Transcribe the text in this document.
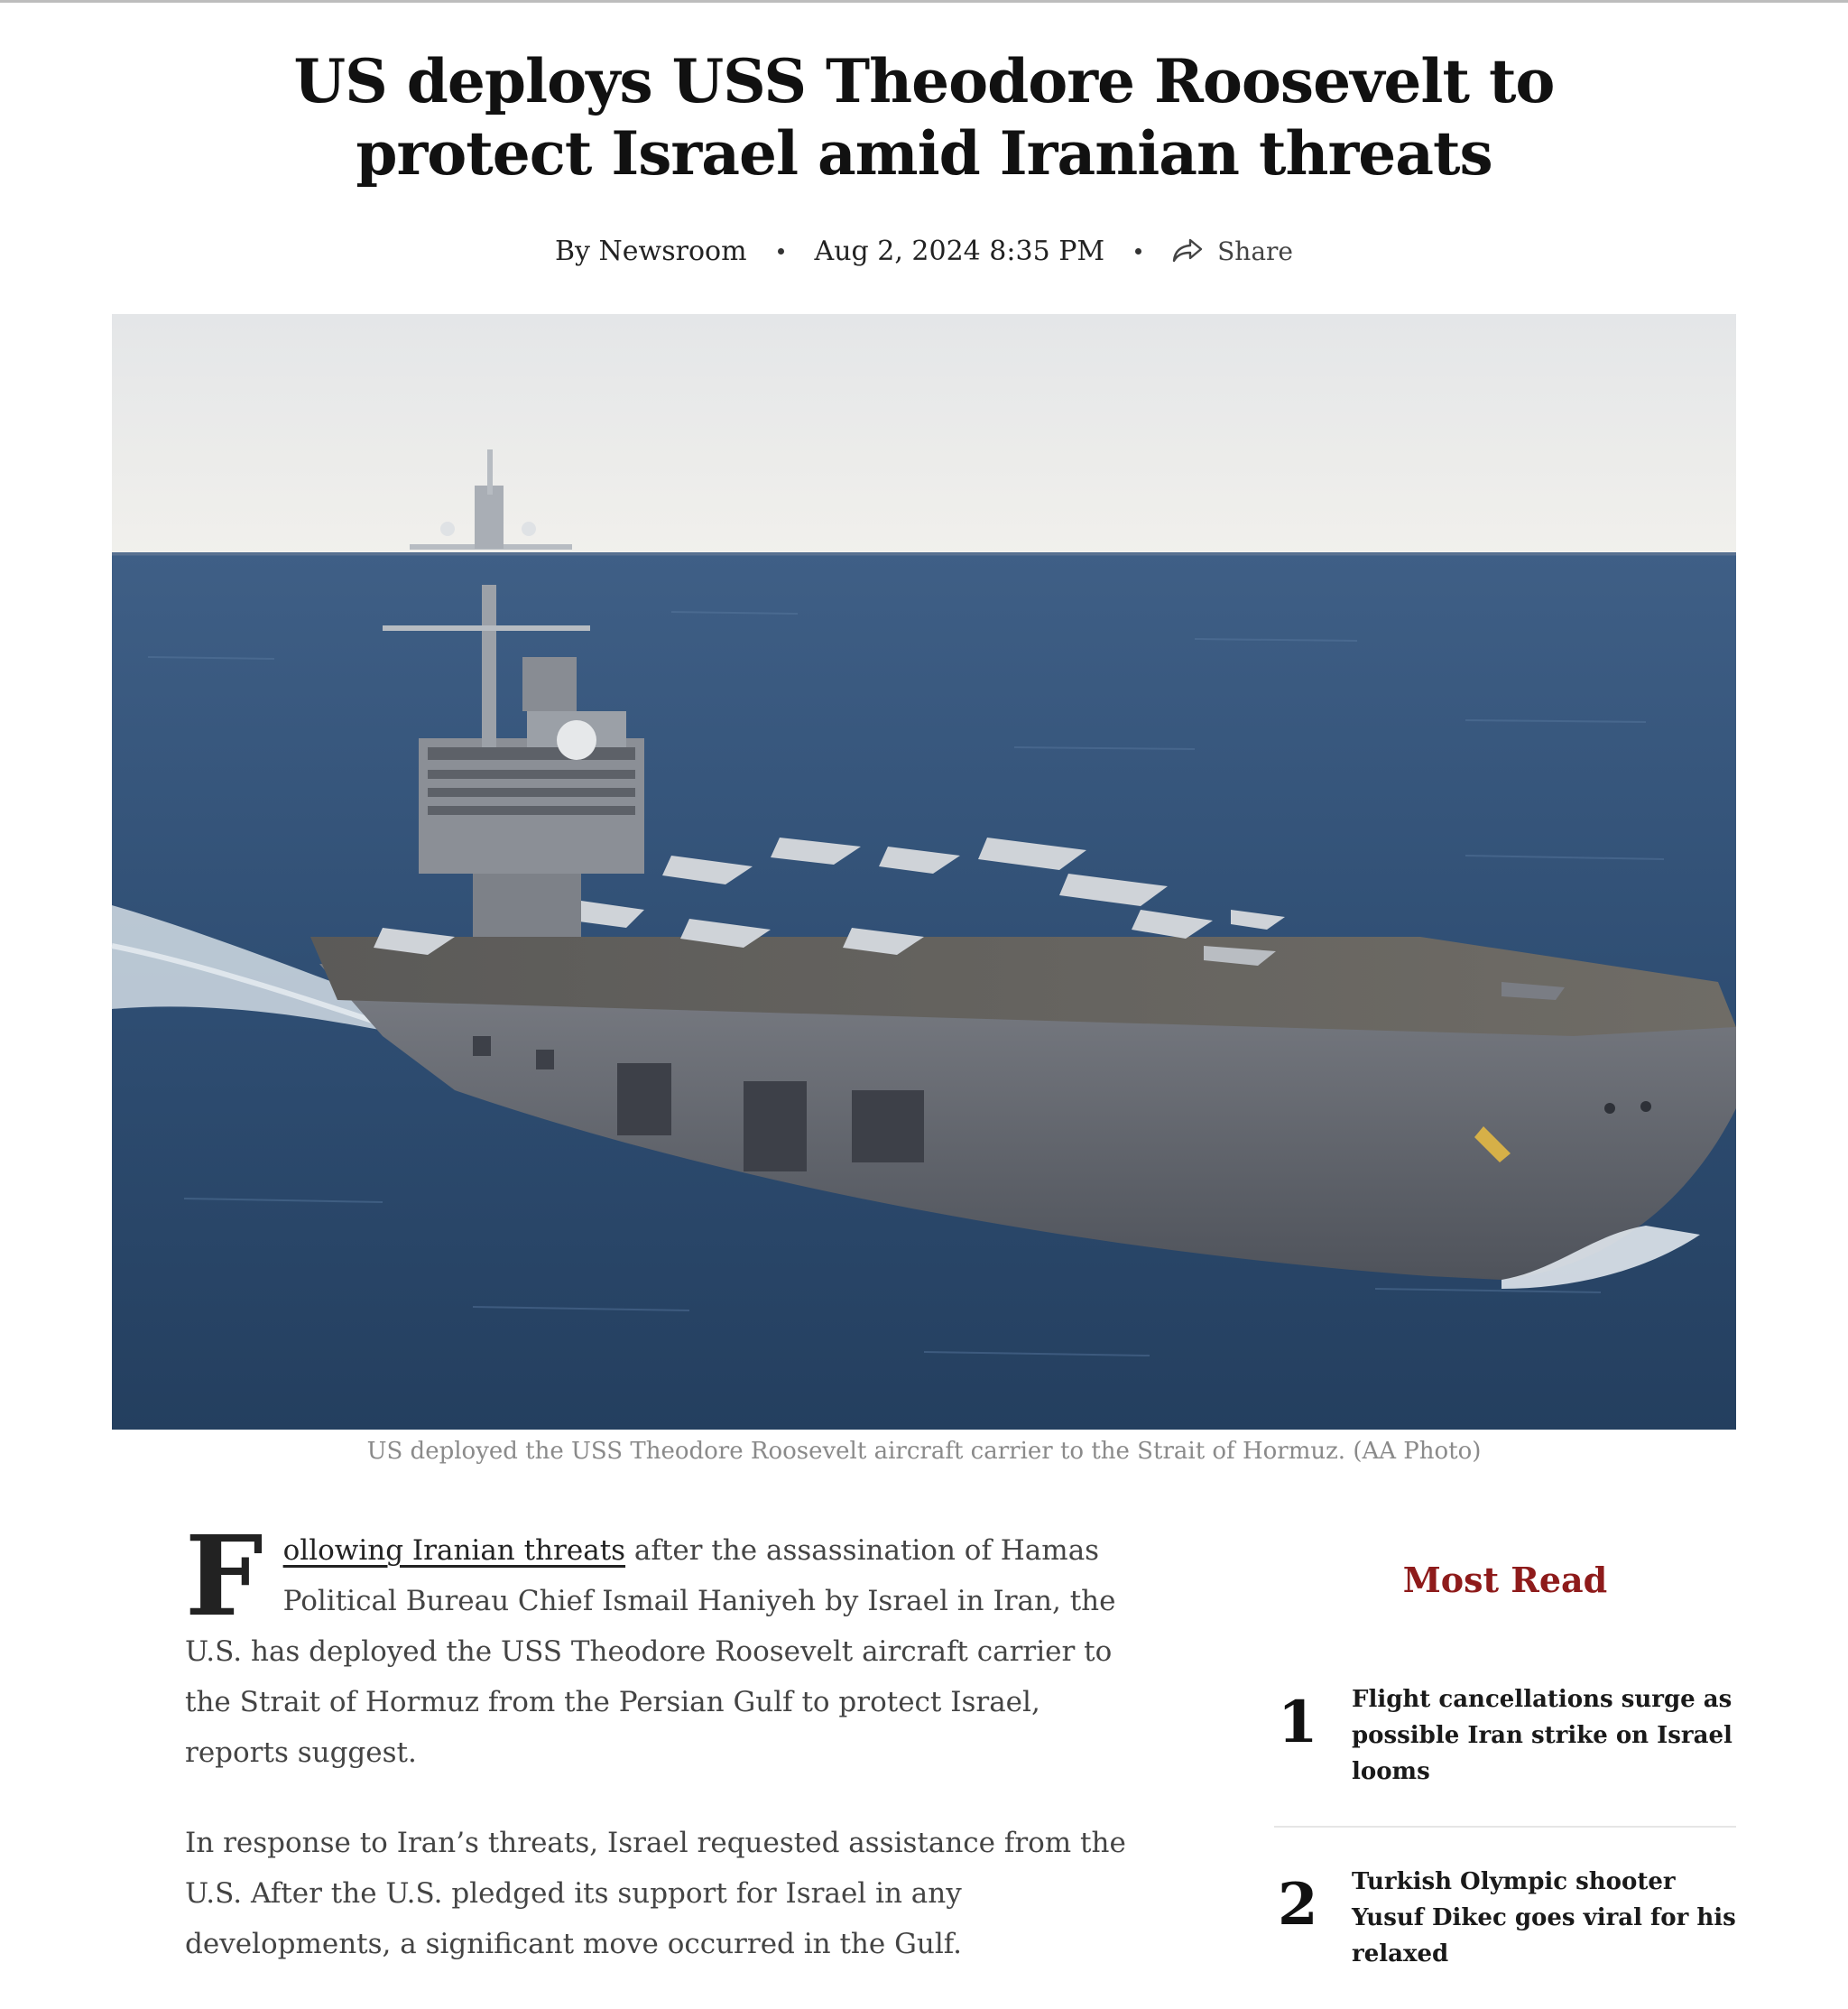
US deploys USS Theodore Roosevelt to
protect Israel amid Iranian threats
By Newsroom	Aug 2, 2024 8:35 PM	Share
US deployed the USS Theodore Roosevelt aircraft carrier to the Strait of Hormuz. (AA Photo)

Following Iranian threats after the assassination of Hamas Political Bureau Chief Ismail Haniyeh by Israel in Iran, the U.S. has deployed the USS Theodore Roosevelt aircraft carrier to the Strait of Hormuz from the Persian Gulf to protect Israel, reports suggest.

In response to Iran’s threats, Israel requested assistance from the U.S. After the U.S. pledged its support for Israel in any developments, a significant move occurred in the Gulf.

Most Read
1	Flight cancellations surge as possible Iran strike on Israel looms
2	Turkish Olympic shooter Yusuf Dikec goes viral for his relaxed
